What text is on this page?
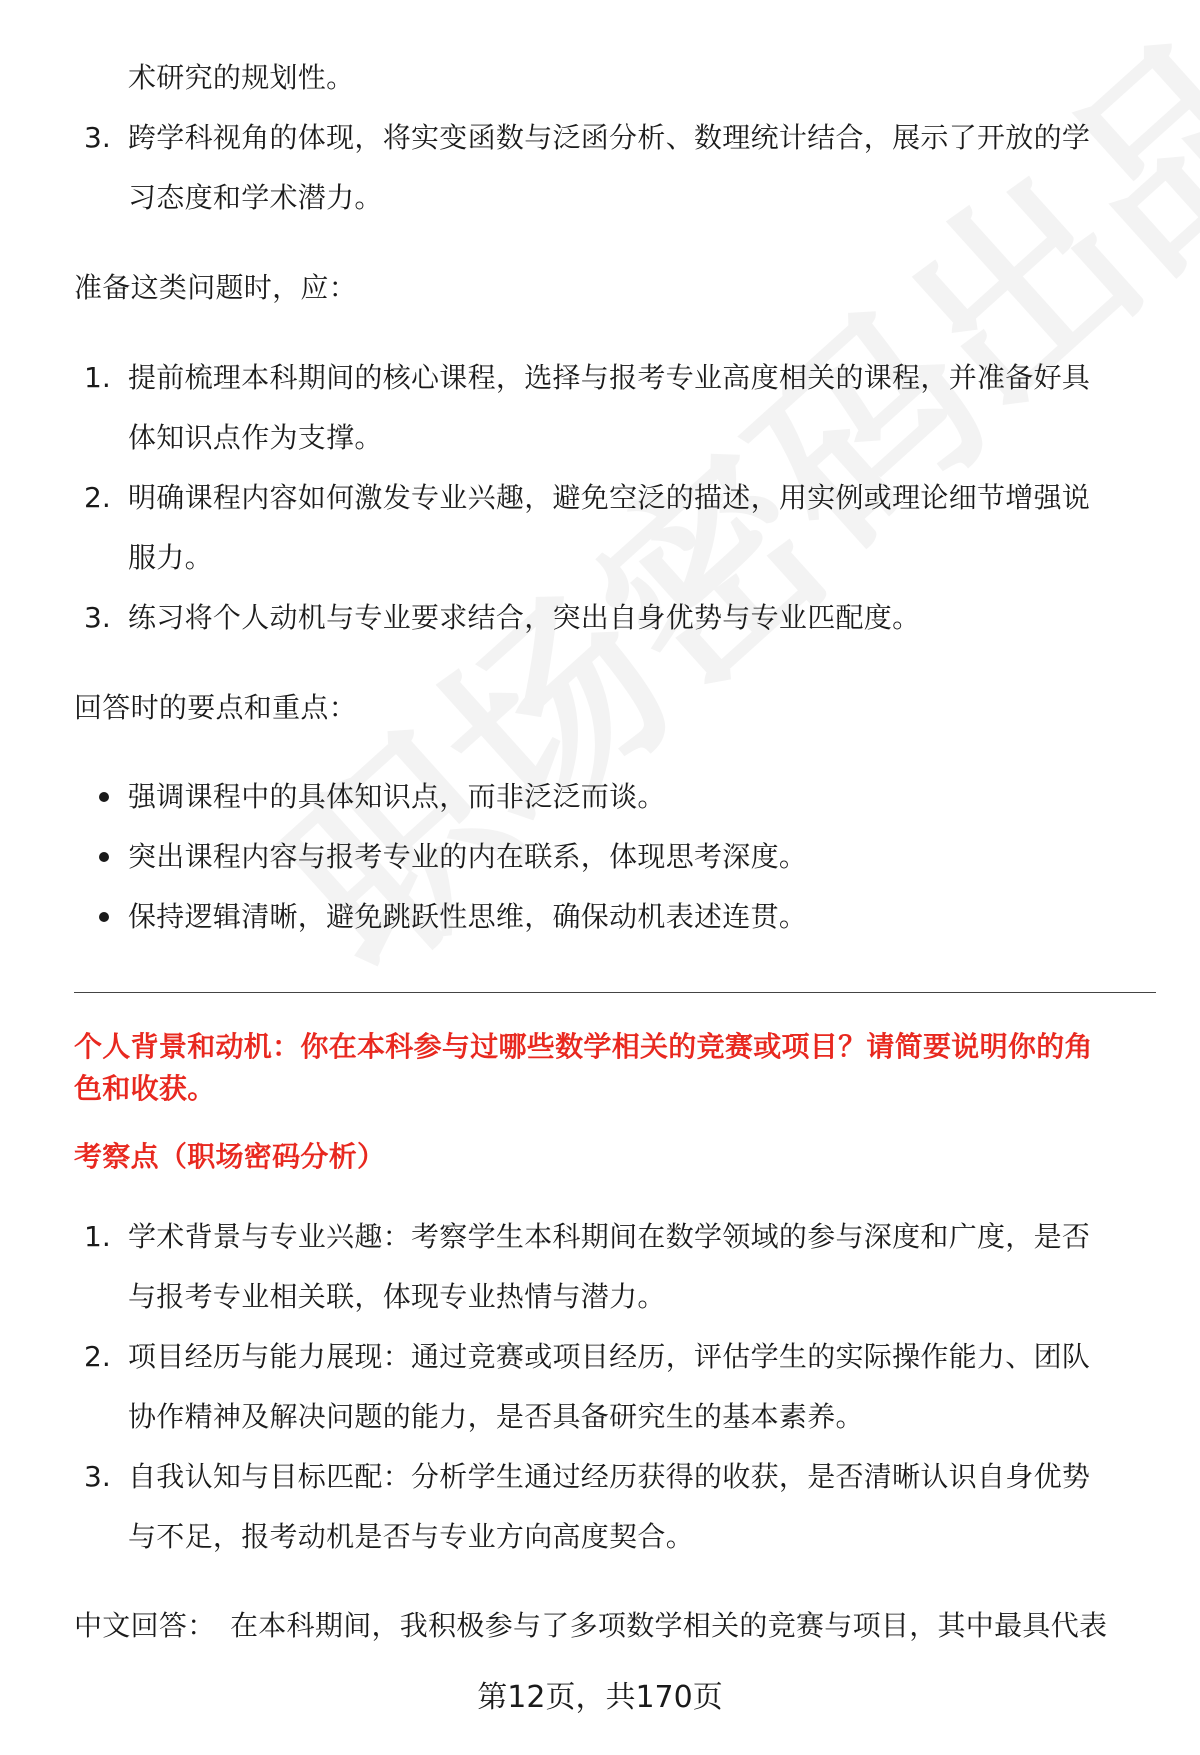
术研究的规划性。
3. 跨学科视角的体现，将实变函数与泛函分析、数理统计结合，展示了开放的学
习态度和学术潜力。
准备这类问题时，应：
1. 提前梳理本科期间的核心课程，选择与报考专业高度相关的课程，并准备好具
体知识点作为支撑。
2. 明确课程内容如何激发专业兴趣，避免空泛的描述，用实例或理论细节增强说
服力。
3. 练习将个人动机与专业要求结合，突出自身优势与专业匹配度。
回答时的要点和重点：
强调课程中的具体知识点，而非泛泛而谈。
突出课程内容与报考专业的内在联系，体现思考深度。
保持逻辑清晰，避免跳跃性思维，确保动机表述连贯。
个人背景和动机：你在本科参与过哪些数学相关的竞赛或项目？请简要说明你的角
色和收获。
考察点（职场密码分析）
1. 学术背景与专业兴趣：考察学生本科期间在数学领域的参与深度和广度，是否
与报考专业相关联，体现专业热情与潜力。
2. 项目经历与能力展现：通过竞赛或项目经历，评估学生的实际操作能力、团队
协作精神及解决问题的能力，是否具备研究生的基本素养。
3. 自我认知与目标匹配：分析学生通过经历获得的收获，是否清晰认识自身优势
与不足，报考动机是否与专业方向高度契合。
中文回答： 在本科期间，我积极参与了多项数学相关的竞赛与项目，其中最具代表
第12页，共170页
